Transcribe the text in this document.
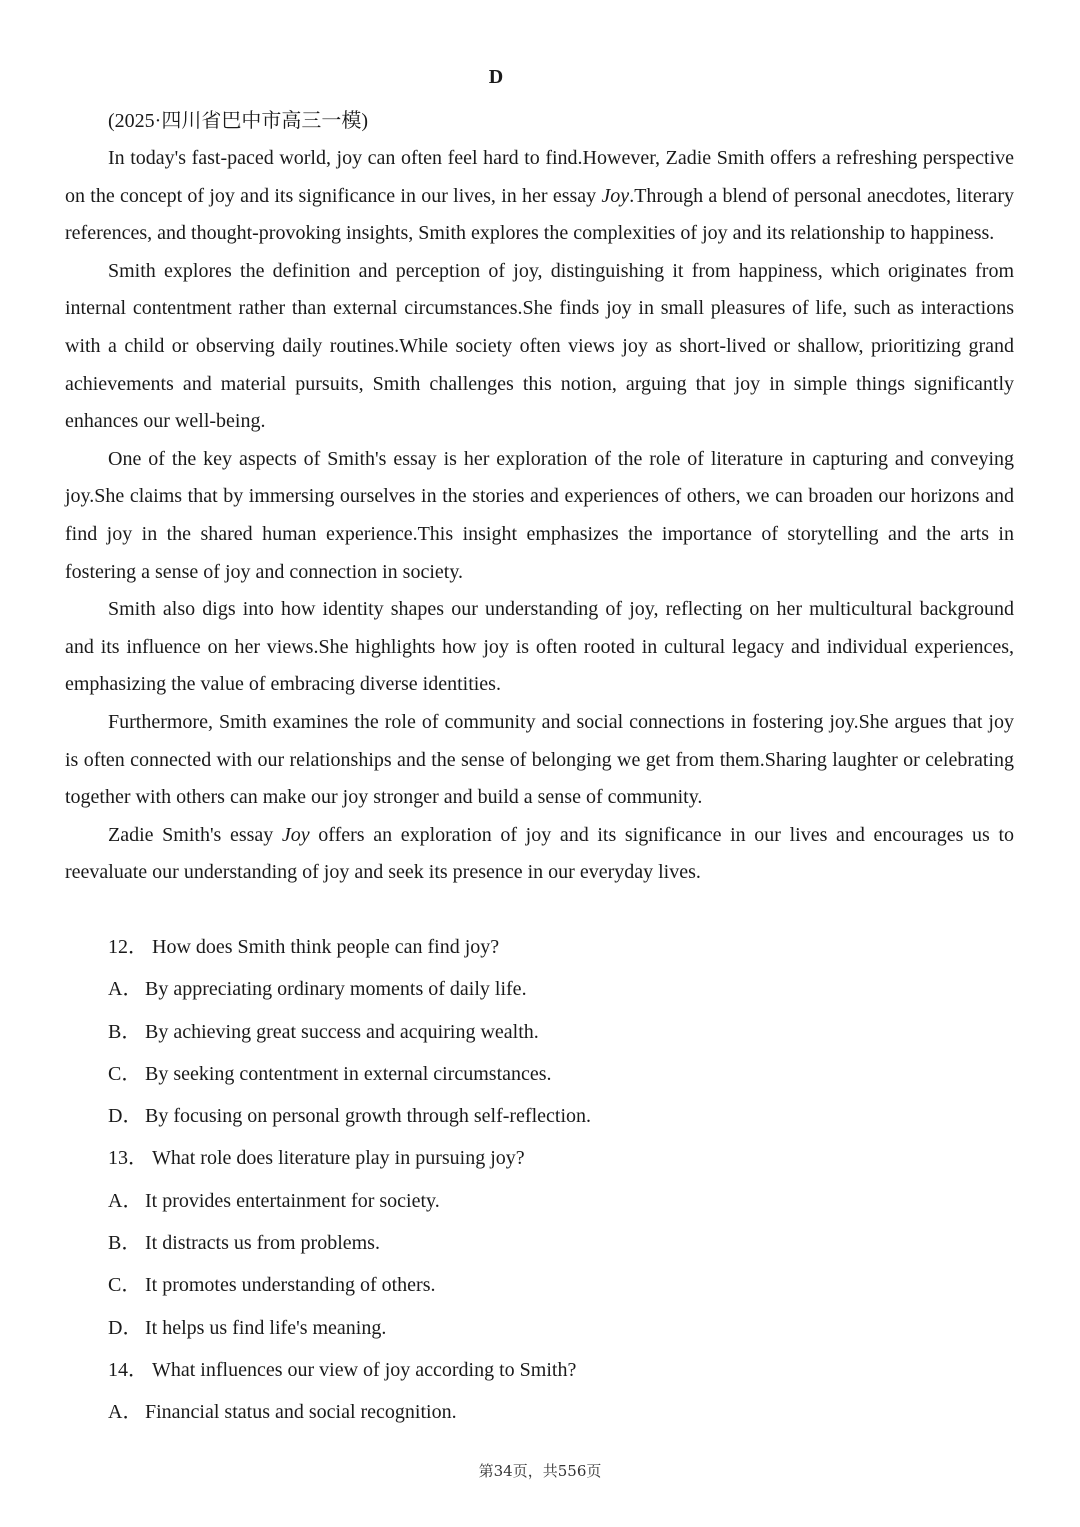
D
(2025·四川省巴中市高三一模)

In today's fast-paced world, joy can often feel hard to find.However, Zadie Smith offers a refreshing perspective on the concept of joy and its significance in our lives, in her essay Joy.Through a blend of personal anecdotes, literary references, and thought-provoking insights, Smith explores the complexities of joy and its relationship to happiness.

Smith explores the definition and perception of joy, distinguishing it from happiness, which originates from internal contentment rather than external circumstances.She finds joy in small pleasures of life, such as interactions with a child or observing daily routines.While society often views joy as short-lived or shallow, prioritizing grand achievements and material pursuits, Smith challenges this notion, arguing that joy in simple things significantly enhances our well-being.

One of the key aspects of Smith's essay is her exploration of the role of literature in capturing and conveying joy.She claims that by immersing ourselves in the stories and experiences of others, we can broaden our horizons and find joy in the shared human experience.This insight emphasizes the importance of storytelling and the arts in fostering a sense of joy and connection in society.

Smith also digs into how identity shapes our understanding of joy, reflecting on her multicultural background and its influence on her views.She highlights how joy is often rooted in cultural legacy and individual experiences, emphasizing the value of embracing diverse identities.

Furthermore, Smith examines the role of community and social connections in fostering joy.She argues that joy is often connected with our relationships and the sense of belonging we get from them.Sharing laughter or celebrating together with others can make our joy stronger and build a sense of community.

Zadie Smith's essay Joy offers an exploration of joy and its significance in our lives and encourages us to reevaluate our understanding of joy and seek its presence in our everyday lives.

12． How does Smith think people can find joy?
A． By appreciating ordinary moments of daily life.
B． By achieving great success and acquiring wealth.
C． By seeking contentment in external circumstances.
D． By focusing on personal growth through self-reflection.
13． What role does literature play in pursuing joy?
A． It provides entertainment for society.
B． It distracts us from problems.
C． It promotes understanding of others.
D． It helps us find life's meaning.
14． What influences our view of joy according to Smith?
A． Financial status and social recognition.
第34页，共556页
